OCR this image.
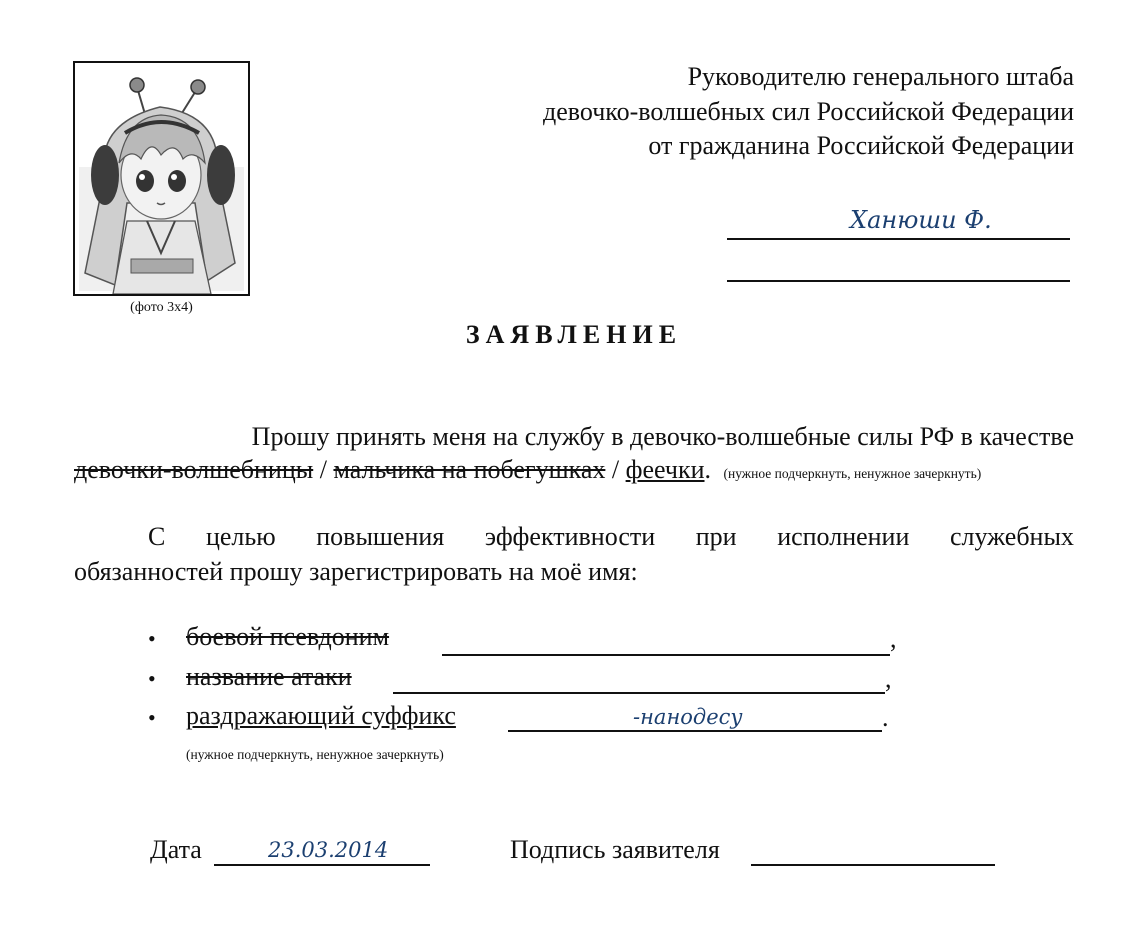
(фото 3х4)
Руководителю генерального штаба
девочко-волшебных сил Российской Федерации
от гражданина Российской Федерации
Ханюши Ф.
ЗАЯВЛЕНИЕ
Прошу принять меня на службу в девочко-волшебные силы РФ в качестве
девочки-волшебницы / мальчика на побегушках / феечки. (нужное подчеркнуть, ненужное зачеркнуть)
С целью повышения эффективности при исполнении служебных
обязанностей прошу зарегистрировать на моё имя:
• боевой псевдоним	,
• название атаки	,
• раздражающий суффикс	-нанодесу	.
(нужное подчеркнуть, ненужное зачеркнуть)
Дата	23.03.2014	Подпись заявителя
